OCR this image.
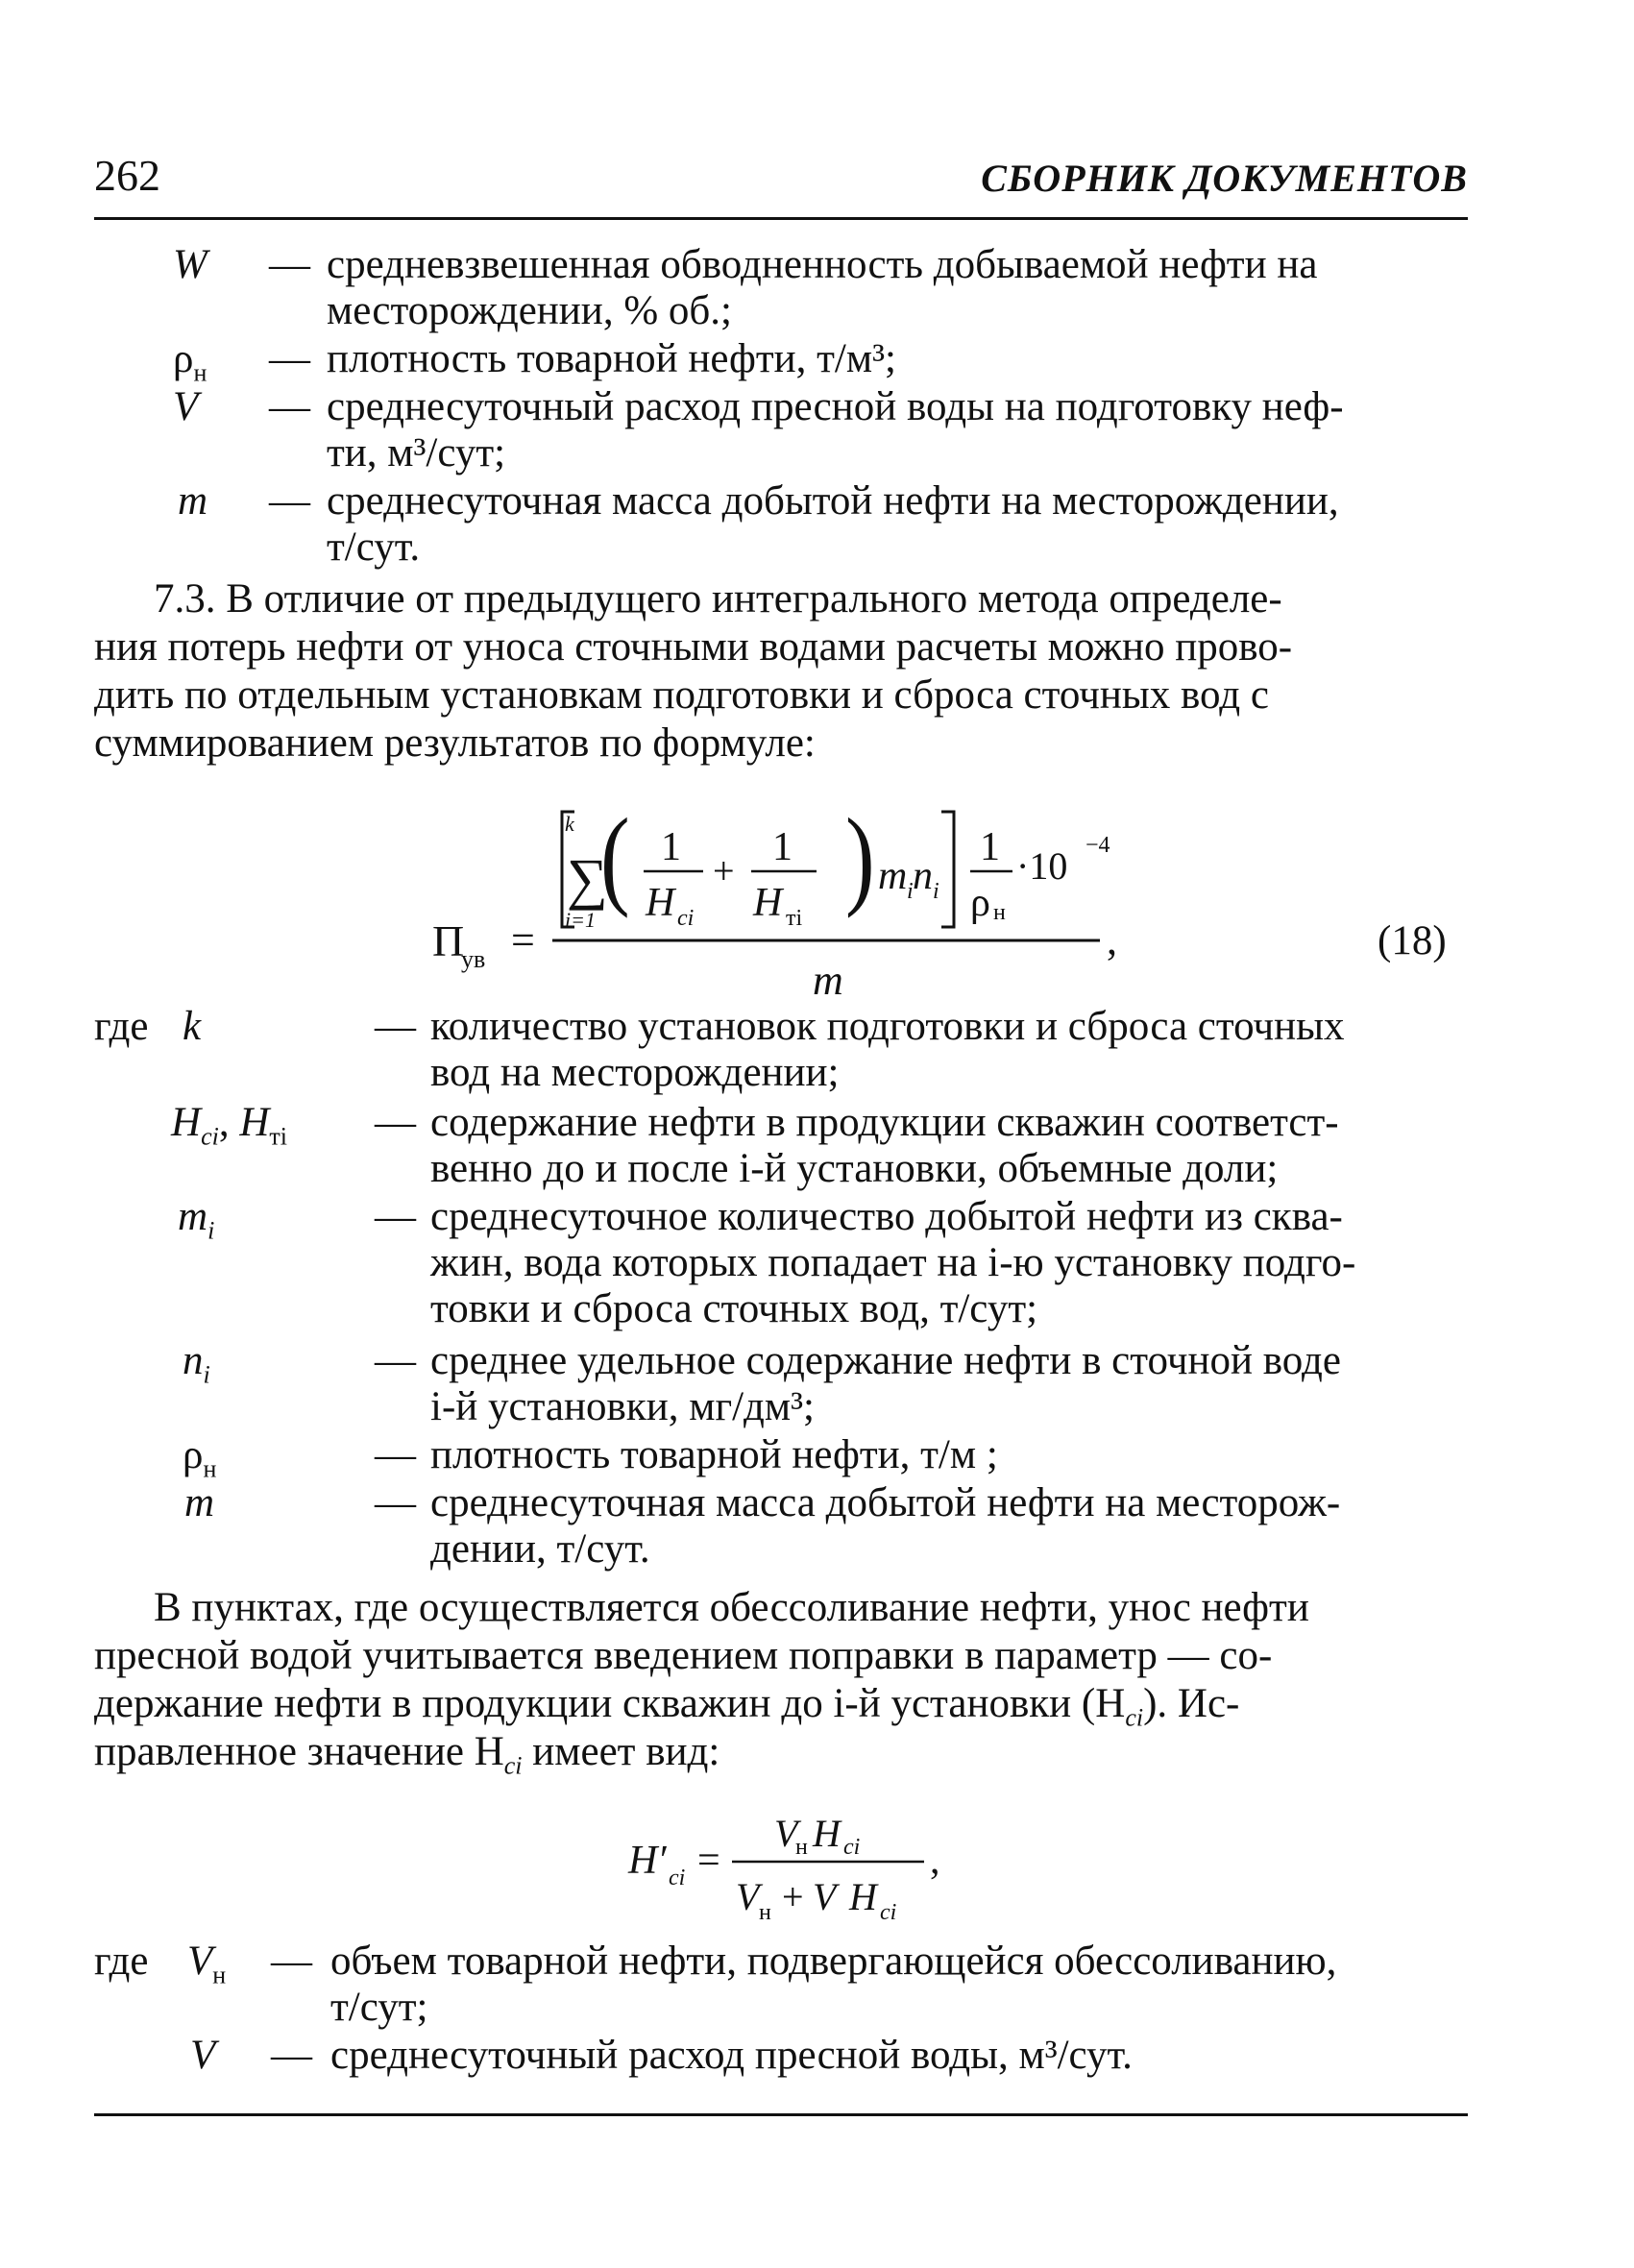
262	СБОРНИК ДОКУМЕНТОВ
W — средневзвешенная обводненность добываемой нефти на
месторождении, % об.;
$\rho_н$ — плотность товарной нефти, т/м³;
V — среднесуточный расход пресной воды на подготовку неф-
ти, м³/сут;
m — среднесуточная масса добытой нефти на месторождении,
т/сут.
7.3. В отличие от предыдущего интегрального метода определе-
ния потерь нефти от уноса сточными водами расчеты можно прово-
дить по отдельным установкам подготовки и сброса сточных вод с
суммированием результатов по формуле:
П
ув =
k
∑
i=1
( )
1
H ci
+
1
H тi
m i n i
1
ρ н
·10 −4
m
,	(18)
где k	— количество установок подготовки и сброса сточных
вод на месторождении;
$H_{ci}$, $H_{тi}$ — содержание нефти в продукции скважин соответст-
венно до и после i-й установки, объемные доли;
$m_i$	— среднесуточное количество добытой нефти из сква-
жин, вода которых попадает на i-ю установку подго-
товки и сброса сточных вод, т/сут;
$n_i$	— среднее удельное содержание нефти в сточной воде
i-й установки, мг/дм³;
$\rho_н$	— плотность товарной нефти, т/м ;
m	— среднесуточная масса добытой нефти на месторож-
дении, т/сут.
В пунктах, где осуществляется обессоливание нефти, унос нефти
пресной водой учитывается введением поправки в параметр — со-
держание нефти в продукции скважин до i-й установки $(H_{ci})$. Ис-
правленное значение $H_{ci}$ имеет вид:
H′ ci =
V
н H ci
V н + V H ci
,
где $V_н$ — объем товарной нефти, подвергающейся обессоливанию,
т/сут;
V — среднесуточный расход пресной воды, м³/сут.
